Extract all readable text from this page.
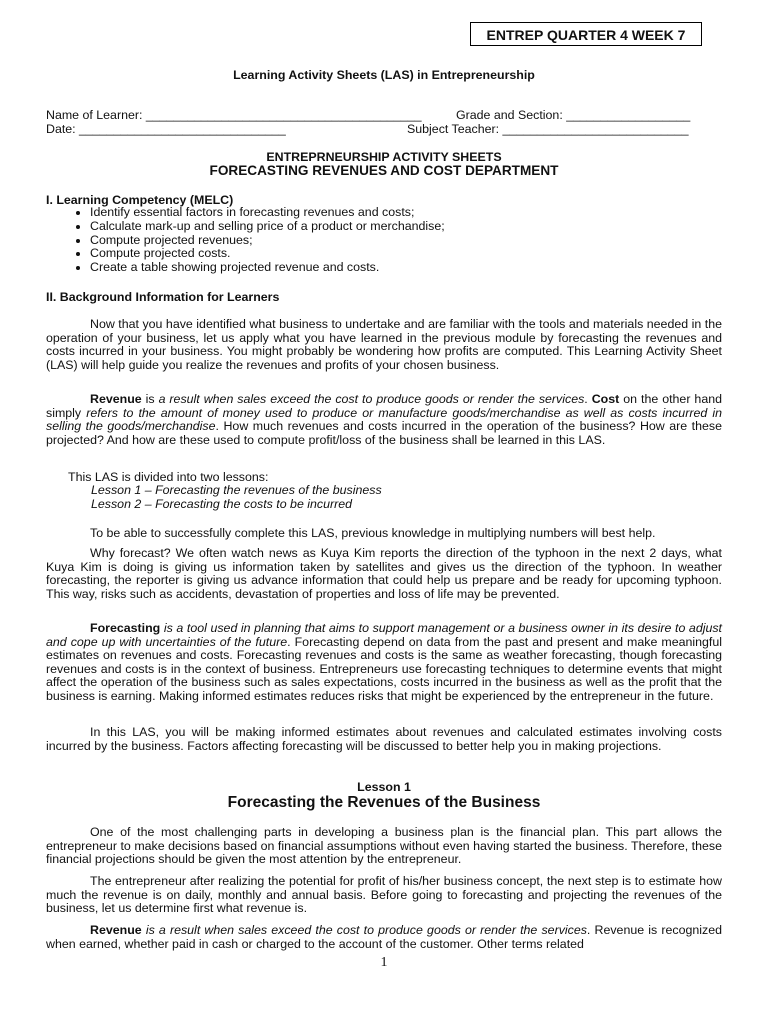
ENTREP QUARTER 4 WEEK 7
Learning Activity Sheets (LAS) in Entrepreneurship
Name of Learner: ________________________________________	Grade and Section: __________________
Date: ______________________________	Subject Teacher: ___________________________
ENTREPRNEURSHIP ACTIVITY SHEETS
FORECASTING REVENUES AND COST DEPARTMENT
I. Learning Competency (MELC)
• Identify essential factors in forecasting revenues and costs;
• Calculate mark-up and selling price of a product or merchandise;
• Compute projected revenues;
• Compute projected costs.
• Create a table showing projected revenue and costs.
II. Background Information for Learners

Now that you have identified what business to undertake and are familiar with the tools and materials needed in the operation of your business, let us apply what you have learned in the previous module by forecasting the revenues and costs incurred in your business. You might probably be wondering how profits are computed. This Learning Activity Sheet (LAS) will help guide you realize the revenues and profits of your chosen business.

Revenue is a result when sales exceed the cost to produce goods or render the services. Cost on the other hand simply refers to the amount of money used to produce or manufacture goods/merchandise as well as costs incurred in selling the goods/merchandise. How much revenues and costs incurred in the operation of the business? How are these projected? And how are these used to compute profit/loss of the business shall be learned in this LAS.

This LAS is divided into two lessons:
Lesson 1 – Forecasting the revenues of the business
Lesson 2 – Forecasting the costs to be incurred

To be able to successfully complete this LAS, previous knowledge in multiplying numbers will best help.

Why forecast? We often watch news as Kuya Kim reports the direction of the typhoon in the next 2 days, what Kuya Kim is doing is giving us information taken by satellites and gives us the direction of the typhoon. In weather forecasting, the reporter is giving us advance information that could help us prepare and be ready for upcoming typhoon. This way, risks such as accidents, devastation of properties and loss of life may be prevented.

Forecasting is a tool used in planning that aims to support management or a business owner in its desire to adjust and cope up with uncertainties of the future. Forecasting depend on data from the past and present and make meaningful estimates on revenues and costs. Forecasting revenues and costs is the same as weather forecasting, though forecasting revenues and costs is in the context of business. Entrepreneurs use forecasting techniques to determine events that might affect the operation of the business such as sales expectations, costs incurred in the business as well as the profit that the business is earning. Making informed estimates reduces risks that might be experienced by the entrepreneur in the future.

In this LAS, you will be making informed estimates about revenues and calculated estimates involving costs incurred by the business. Factors affecting forecasting will be discussed to better help you in making projections.

Lesson 1
Forecasting the Revenues of the Business

One of the most challenging parts in developing a business plan is the financial plan. This part allows the entrepreneur to make decisions based on financial assumptions without even having started the business. Therefore, these financial projections should be given the most attention by the entrepreneur.

The entrepreneur after realizing the potential for profit of his/her business concept, the next step is to estimate how much the revenue is on daily, monthly and annual basis. Before going to forecasting and projecting the revenues of the business, let us determine first what revenue is.

Revenue is a result when sales exceed the cost to produce goods or render the services. Revenue is recognized when earned, whether paid in cash or charged to the account of the customer. Other terms related

1
